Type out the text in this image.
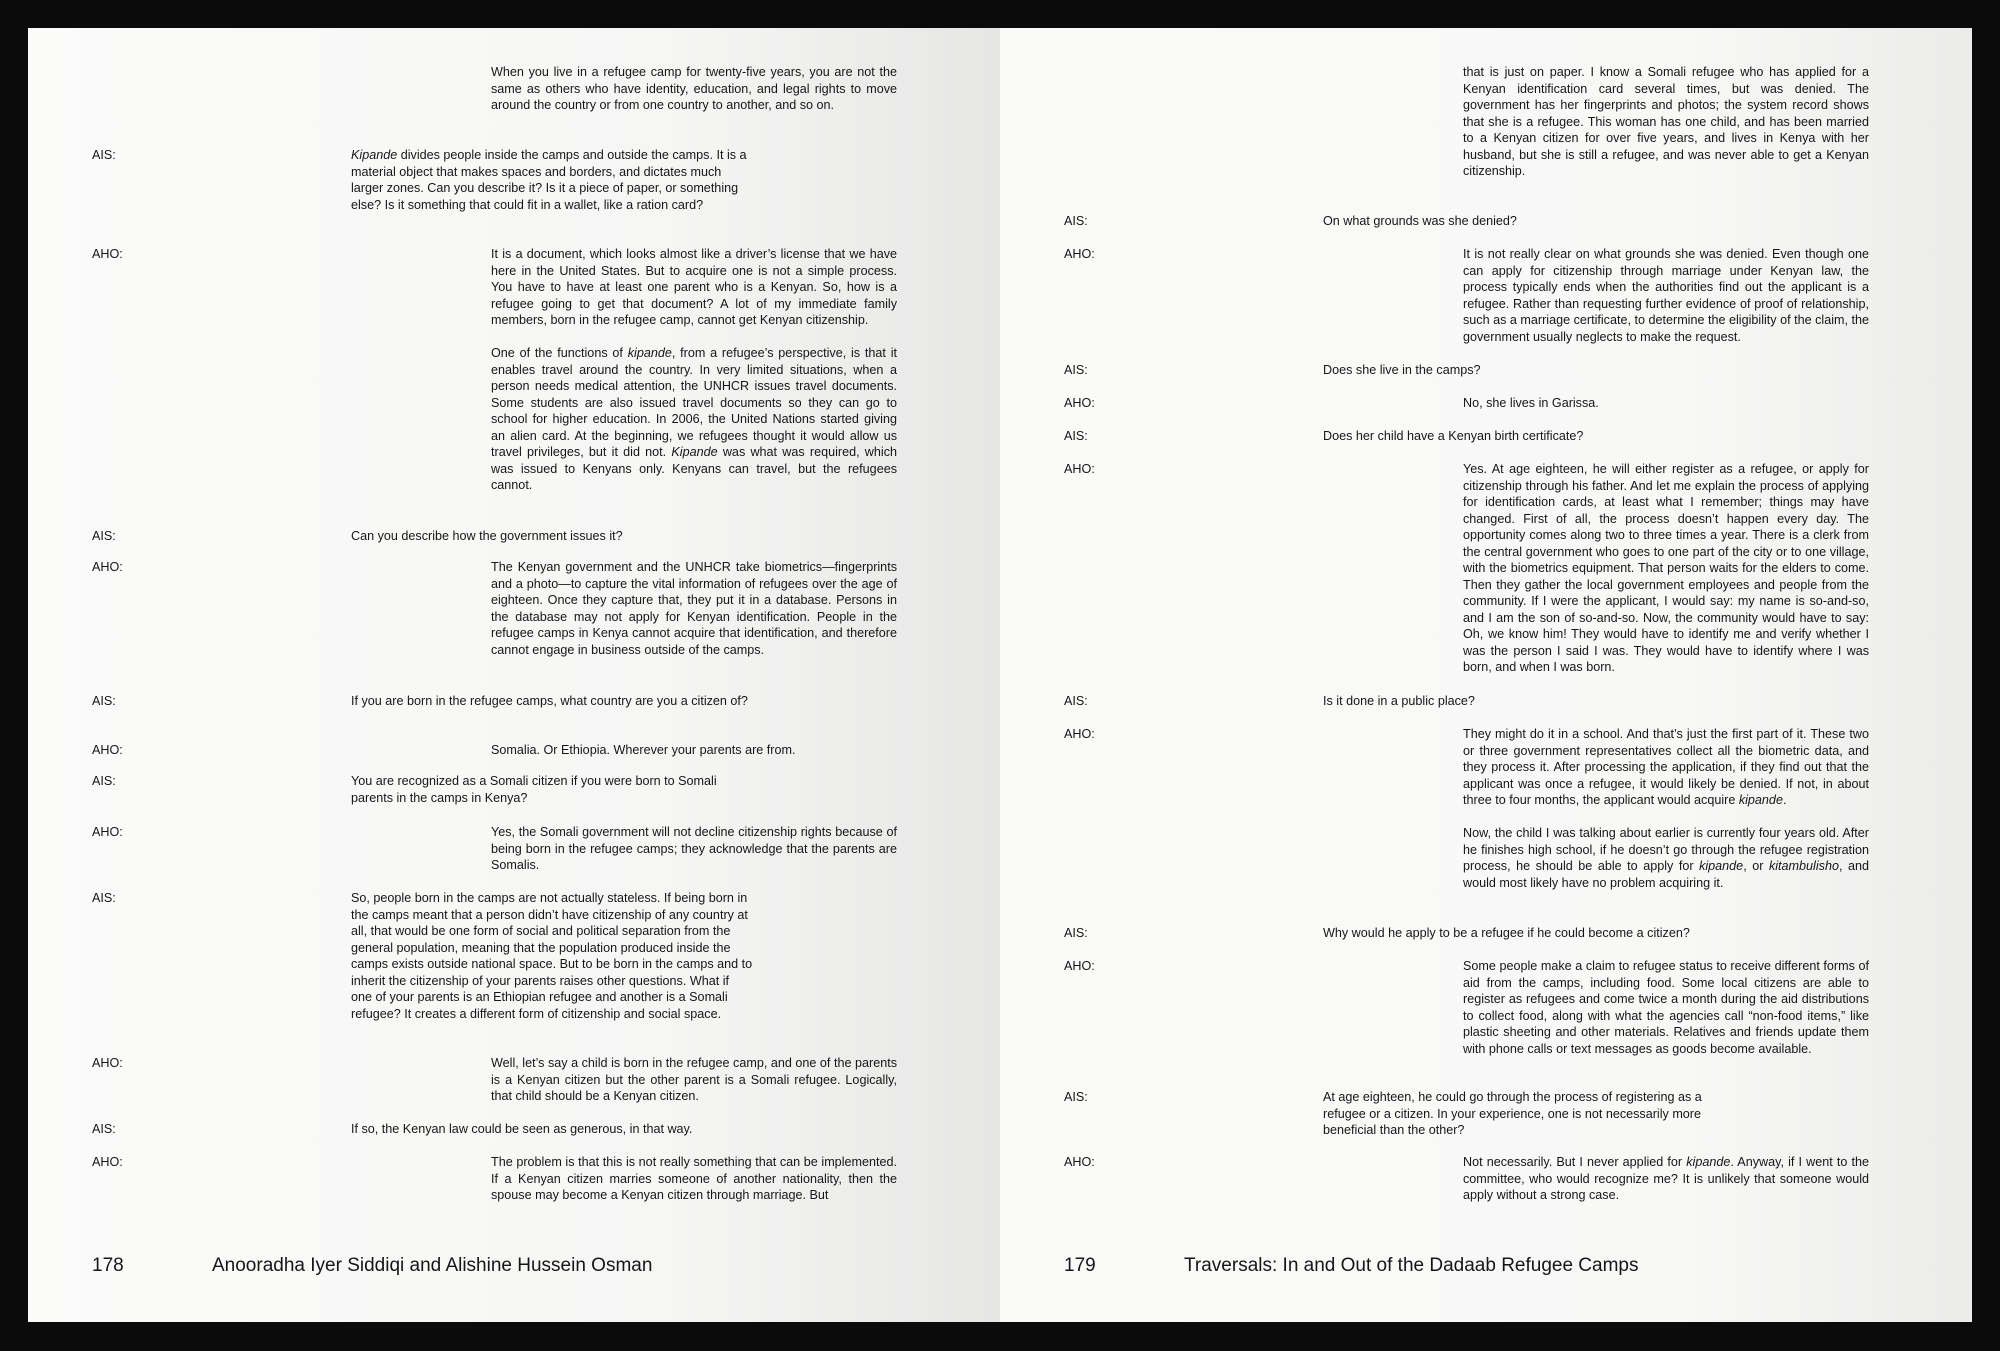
When you live in a refugee camp for twenty-five years, you are not the same as others who have identity, education, and legal rights to move around the country or from one country to another, and so on.
AIS:	Kipande divides people inside the camps and outside the camps. It is a material object that makes spaces and borders, and dictates much larger zones. Can you describe it? Is it a piece of paper, or something else? Is it something that could fit in a wallet, like a ration card?
AHO:	It is a document, which looks almost like a driver’s license that we have here in the United States. But to acquire one is not a simple process. You have to have at least one parent who is a Kenyan. So, how is a refugee going to get that document? A lot of my immediate family members, born in the refugee camp, cannot get Kenyan citizenship.

One of the functions of kipande, from a refugee’s perspective, is that it enables travel around the country. In very limited situations, when a person needs medical attention, the UNHCR issues travel documents. Some students are also issued travel documents so they can go to school for higher education. In 2006, the United Nations started giving an alien card. At the beginning, we refugees thought it would allow us travel privileges, but it did not. Kipande was what was required, which was issued to Kenyans only. Kenyans can travel, but the refugees cannot.

AIS:	Can you describe how the government issues it?
AHO:	The Kenyan government and the UNHCR take biometrics—fingerprints and a photo—to capture the vital information of refugees over the age of eighteen. Once they capture that, they put it in a database. Persons in the database may not apply for Kenyan identification. People in the refugee camps in Kenya cannot acquire that identification, and therefore cannot engage in business outside of the camps.
AIS:	If you are born in the refugee camps, what country are you a citizen of?
AHO:	Somalia. Or Ethiopia. Wherever your parents are from.
AIS:	You are recognized as a Somali citizen if you were born to Somali parents in the camps in Kenya?
AHO:	Yes, the Somali government will not decline citizenship rights because of being born in the refugee camps; they acknowledge that the parents are Somalis.
AIS:	So, people born in the camps are not actually stateless. If being born in the camps meant that a person didn’t have citizenship of any country at all, that would be one form of social and political separation from the general population, meaning that the population produced inside the camps exists outside national space. But to be born in the camps and to inherit the citizenship of your parents raises other questions. What if one of your parents is an Ethiopian refugee and another is a Somali refugee? It creates a different form of citizenship and social space.
AHO:	Well, let’s say a child is born in the refugee camp, and one of the parents is a Kenyan citizen but the other parent is a Somali refugee. Logically, that child should be a Kenyan citizen.
AIS:	If so, the Kenyan law could be seen as generous, in that way.
AHO:	The problem is that this is not really something that can be implemented. If a Kenyan citizen marries someone of another nationality, then the spouse may become a Kenyan citizen through marriage. But
178	Anooradha Iyer Siddiqi and Alishine Hussein Osman
that is just on paper. I know a Somali refugee who has applied for a Kenyan identification card several times, but was denied. The government has her fingerprints and photos; the system record shows that she is a refugee. This woman has one child, and has been married to a Kenyan citizen for over five years, and lives in Kenya with her husband, but she is still a refugee, and was never able to get a Kenyan citizenship.
AIS:	On what grounds was she denied?
AHO:	It is not really clear on what grounds she was denied. Even though one can apply for citizenship through marriage under Kenyan law, the process typically ends when the authorities find out the applicant is a refugee. Rather than requesting further evidence of proof of relationship, such as a marriage certificate, to determine the eligibility of the claim, the government usually neglects to make the request.
AIS:	Does she live in the camps?
AHO:	No, she lives in Garissa.
AIS:	Does her child have a Kenyan birth certificate?
AHO:	Yes. At age eighteen, he will either register as a refugee, or apply for citizenship through his father. And let me explain the process of applying for identification cards, at least what I remember; things may have changed. First of all, the process doesn’t happen every day. The opportunity comes along two to three times a year. There is a clerk from the central government who goes to one part of the city or to one village, with the biometrics equipment. That person waits for the elders to come. Then they gather the local government employees and people from the community. If I were the applicant, I would say: my name is so-and-so, and I am the son of so-and-so. Now, the community would have to say: Oh, we know him! They would have to identify me and verify whether I was the person I said I was. They would have to identify where I was born, and when I was born.
AIS:	Is it done in a public place?
AHO:	They might do it in a school. And that’s just the first part of it. These two or three government representatives collect all the biometric data, and they process it. After processing the application, if they find out that the applicant was once a refugee, it would likely be denied. If not, in about three to four months, the applicant would acquire kipande.

Now, the child I was talking about earlier is currently four years old. After he finishes high school, if he doesn’t go through the refugee registration process, he should be able to apply for kipande, or kitambulisho, and would most likely have no problem acquiring it.

AIS:	Why would he apply to be a refugee if he could become a citizen?
AHO:	Some people make a claim to refugee status to receive different forms of aid from the camps, including food. Some local citizens are able to register as refugees and come twice a month during the aid distributions to collect food, along with what the agencies call “non-food items,” like plastic sheeting and other materials. Relatives and friends update them with phone calls or text messages as goods become available.
AIS:	At age eighteen, he could go through the process of registering as a refugee or a citizen. In your experience, one is not necessarily more beneficial than the other?
AHO:	Not necessarily. But I never applied for kipande. Anyway, if I went to the committee, who would recognize me? It is unlikely that someone would apply without a strong case.
179	Traversals: In and Out of the Dadaab Refugee Camps
